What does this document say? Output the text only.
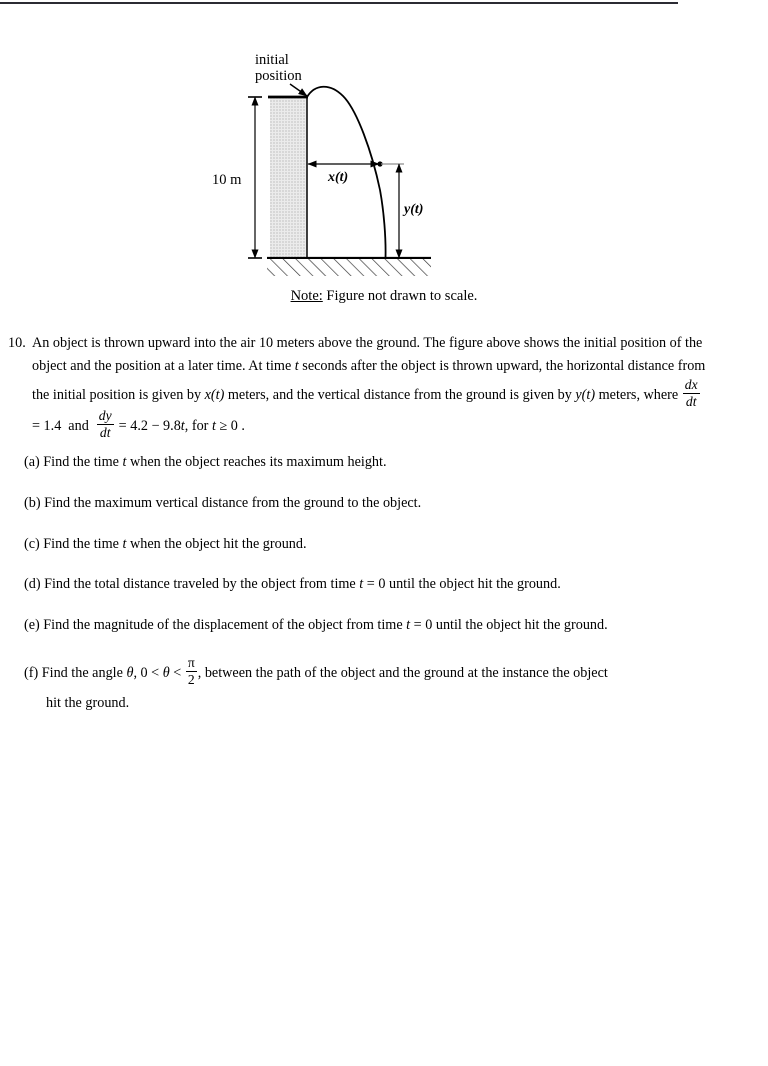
initial
position
10 m	x(t)
y(t)
Note: Figure not drawn to scale.
10. An object is thrown upward into the air 10 meters above the ground. The figure above shows the initial position of the object and the position at a later time. At time t seconds after the object is thrown upward, the horizontal distance from the initial position is given by x(t) meters, and the vertical distance from the ground is given by y(t) meters, where $\frac{dx}{dt}$
= 1.4 and $\frac{dy}{dt} = 4.2 - 9.8t$, for t ≥ 0 .
(a) Find the time t when the object reaches its maximum height.
(b) Find the maximum vertical distance from the ground to the object.
(c) Find the time t when the object hit the ground.
(d) Find the total distance traveled by the object from time t = 0 until the object hit the ground.
(e) Find the magnitude of the displacement of the object from time t = 0 until the object hit the ground.
(f) Find the angle θ, $0 < \theta < \frac{\pi}{2}$ , between the path of the object and the ground at the instance the object
hit the ground.
